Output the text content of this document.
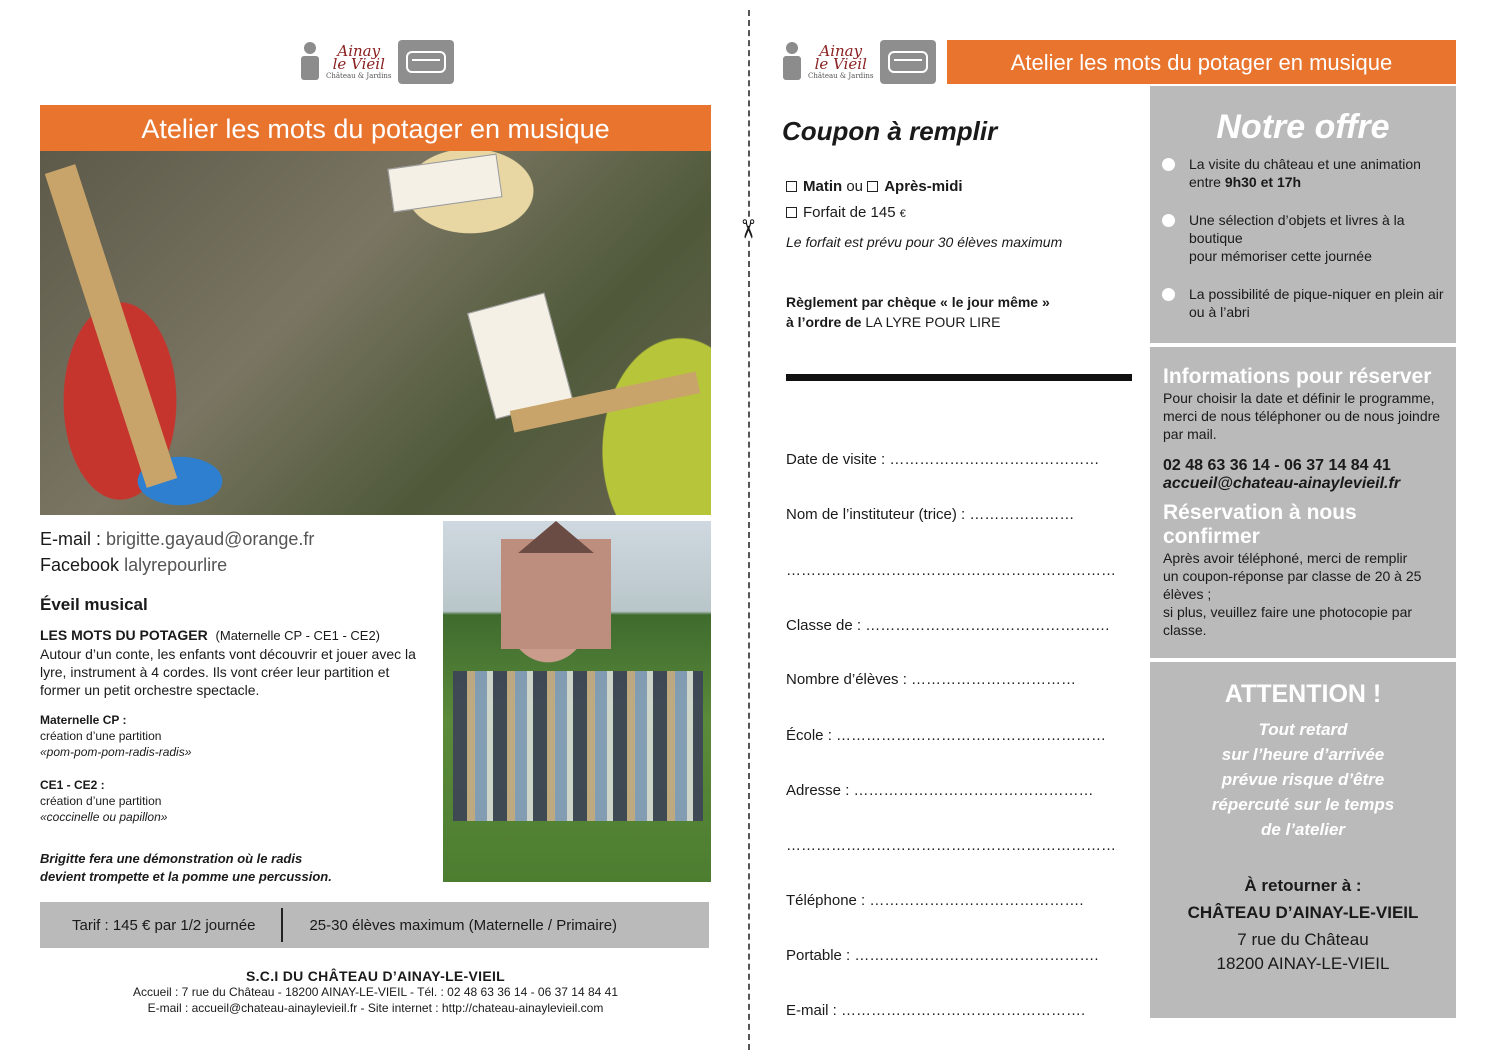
Ainay
le Vieil
Château & Jardins
Atelier les mots du potager en musique
E-mail : brigitte.gayaud@orange.fr
Facebook lalyrepourlire
Éveil musical
LES MOTS DU POTAGER (Maternelle CP - CE1 - CE2)
Autour d’un conte, les enfants vont découvrir et jouer avec la lyre, instrument à 4 cordes. Ils vont créer leur partition et former un petit orchestre spectacle.
Maternelle CP :
création d’une partition
«pom-pom-pom-radis-radis»
CE1 - CE2 :
création d’une partition
«coccinelle ou papillon»
Brigitte fera une démonstration où le radis
devient trompette et la pomme une percussion.
Tarif : 145 € par 1/2 journée	25-30 élèves maximum (Maternelle / Primaire)
S.C.I DU CHÂTEAU D’AINAY-LE-VIEIL
Accueil : 7 rue du Château - 18200 AINAY-LE-VIEIL - Tél. : 02 48 63 36 14 - 06 37 14 84 41
E-mail : accueil@chateau-ainaylevieil.fr - Site internet : http://chateau-ainaylevieil.com
✂
Ainay
le Vieil
Château & Jardins
Atelier les mots du potager en musique
Coupon à remplir
Matin ou Après-midi
Forfait de 145 €
Le forfait est prévu pour 30 élèves maximum
Règlement par chèque « le jour même »
à l’ordre de LA LYRE POUR LIRE
Date de visite : ……………………………………
Nom de l’instituteur (trice) : …………………
…………………………………………………………
Classe de : ………………………………………….
Nombre d’élèves : ……………………………
École : ………………………………………………
Adresse : …………………………………………
…………………………………………………………
Téléphone : …………………………………….
Portable : ………………………………………….
E-mail : ………………………………………….
Notre offre
La visite du château et une animation
entre 9h30 et 17h
Une sélection d’objets et livres à la boutique
pour mémoriser cette journée
La possibilité de pique-niquer en plein air
ou à l’abri
Informations pour réserver
Pour choisir la date et définir le programme, merci de nous téléphoner ou de nous joindre par mail.
02 48 63 36 14 - 06 37 14 84 41
accueil@chateau-ainaylevieil.fr
Réservation à nous confirmer
Après avoir téléphoné, merci de remplir
un coupon-réponse par classe de 20 à 25 élèves ;
si plus, veuillez faire une photocopie par classe.
ATTENTION !
Tout retard
sur l’heure d’arrivée
prévue risque d’être
répercuté sur le temps
de l’atelier
À retourner à :
CHÂTEAU D’AINAY-LE-VIEIL
7 rue du Château
18200 AINAY-LE-VIEIL
